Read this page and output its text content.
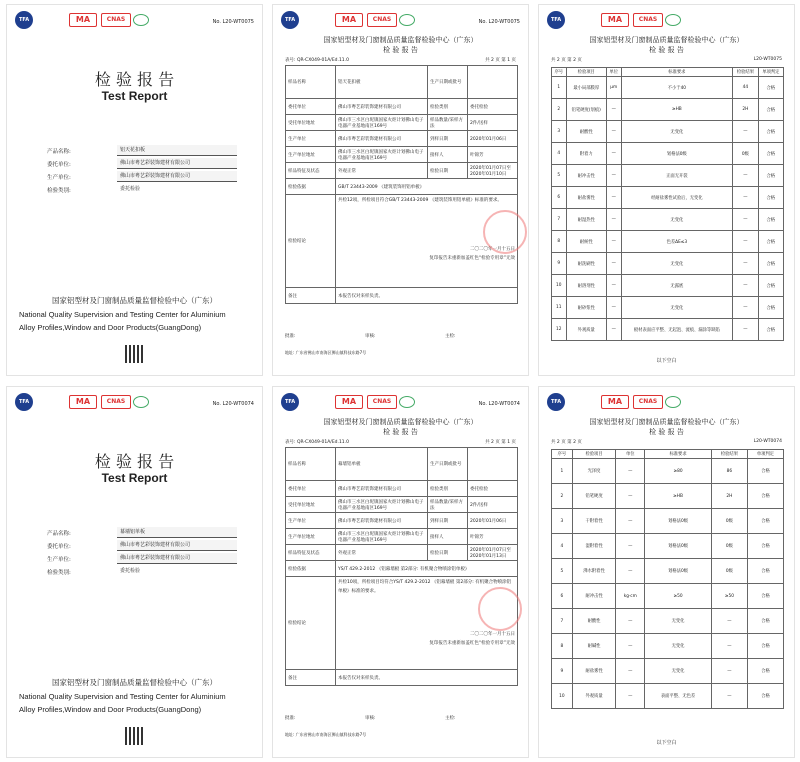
TFA	MA	CNAS	No. L20-WT0075
检 验 报 告
Test Report
产品名称:	铝天花扣板
委托单位:	佛山市粤艺彩装饰建材有限公司
生产单位:	佛山市粤艺彩装饰建材有限公司
检验类别:	委托检验
国家铝型材及门窗制品质量监督检验中心（广东）
National Quality Supervision and Testing Center for Aluminium
Alloy Profiles,Window and Door Products(GuangDong)
TFA	MA	CNAS	No. L20-WT0075
国家铝型材及门窗制品质量监督检验中心（广东）
检 验 报 告
表号: QR-CX049-01A/Ed.11.0	共 2 页 第 1 页
样品名称	铝天花扣板	生产日期或批号	
委托单位	佛山市粤艺彩装饰建材有限公司	检验类别	委托检验
受托单位地址	佛山市三水区白坭镇国家火炬计划佛山电子电器产业基地南区169号	样品数量/采样方法	2件/送样
生产单位	佛山市粤艺彩装饰建材有限公司	到样日期	2020年01月06日
生产单位地址	佛山市三水区白坭镇国家火炬计划佛山电子电器产业基地南区169号	接样人	叶锦芳
样品特征及状态	外观正常	检验日期	2020年01月07日至2020年01月10日
检验依据	GB/T 23443-2009 《建筑装饰用铝单板》		
检验结论	共检12项，所检项目符合GB/T 23443-2009 《建筑装饰用铝单板》标准的要求。
二〇二〇年一月十五日
复印报告未重新加盖红色“检验专用章”无效		

备注	本报告仅对来样负责。		
批准:	审核:	主检:
地址: 广东省佛山市南海区狮山镇科技东路7号
TFA	MA	CNAS
国家铝型材及门窗制品质量监督检验中心（广东）
检 验 报 告
共 2 页 第 2 页	L20-WT0075
序号	检验项目	单位	标准要求	检验结果	单项判定
1	最小局部膜厚	μm	不小于40	44	合格
2	铅笔硬度(划痕)	—	≥HB	2H	合格
3	耐酸性	—	无变化	—	合格
4	附着力	—	划格法0级	0级	合格
5	耐冲击性	—	正面无开裂	—	合格
6	耐盐雾性	—	经耐盐雾性试验后，无变化	—	合格
7	耐湿热性	—	无变化	—	合格
8	耐候性	—	色差ΔE≤3	—	合格
9	耐洗刷性	—	无变化	—	合格
10	耐溶剂性	—	无露底	—	合格
11	耐砂浆性	—	无变化	—	合格
12	外观质量	—	板材表面应平整、无起泡、流痕、漏涂等缺陷	—	合格
以下空白
TFA	MA	CNAS	No. L20-WT0074
检 验 报 告
Test Report
产品名称:	幕墙铝单板
委托单位:	佛山市粤艺彩装饰建材有限公司
生产单位:	佛山市粤艺彩装饰建材有限公司
检验类别:	委托检验
国家铝型材及门窗制品质量监督检验中心（广东）
National Quality Supervision and Testing Center for Aluminium
Alloy Profiles,Window and Door Products(GuangDong)
TFA	MA	CNAS	No. L20-WT0074
国家铝型材及门窗制品质量监督检验中心（广东）
检 验 报 告
表号: QR-CX049-01A/Ed.11.0	共 2 页 第 1 页
样品名称	幕墙铝单板	生产日期或批号	
委托单位	佛山市粤艺彩装饰建材有限公司	检验类别	委托检验
受托单位地址	佛山市三水区白坭镇国家火炬计划佛山电子电器产业基地南区169号	样品数量/采样方法	2件/送样
生产单位	佛山市粤艺彩装饰建材有限公司	到样日期	2020年01月06日
生产单位地址	佛山市三水区白坭镇国家火炬计划佛山电子电器产业基地南区169号	接样人	叶锦芳
样品特征及状态	外观正常	检验日期	2020年01月07日至2020年01月13日
检验依据	YS/T 429.2-2012 《铝幕墙板 第2部分: 有机聚合物喷涂铝单板》		
检验结论	共检10项，所检项目均符合YS/T 429.2-2012 《铝幕墙板 第2部分: 有机聚合物喷涂铝单板》标准的要求。
二〇二〇年一月十五日
复印报告未重新加盖红色“检验专用章”无效		

备注	本报告仅对来样负责。		
批准:	审核:	主检:
地址: 广东省佛山市南海区狮山镇科技东路7号
TFA	MA	CNAS
国家铝型材及门窗制品质量监督检验中心（广东）
检 验 报 告
共 2 页 第 2 页	L20-WT0074
序号	检验项目	单位	标准要求	检验结果	单项判定
1	光泽度	—	≥80	86	合格
2	铅笔硬度	—	≥HB	2H	合格
3	干附着性	—	划格法0级	0级	合格
4	湿附着性	—	划格法0级	0级	合格
5	沸水附着性	—	划格法0级	0级	合格
6	耐冲击性	kg·cm	≥50	≥50	合格
7	耐酸性	—	无变化	—	合格
8	耐碱性	—	无变化	—	合格
9	耐盐雾性	—	无变化	—	合格
10	外观质量	—	表面平整、无色差	—	合格
以下空白
